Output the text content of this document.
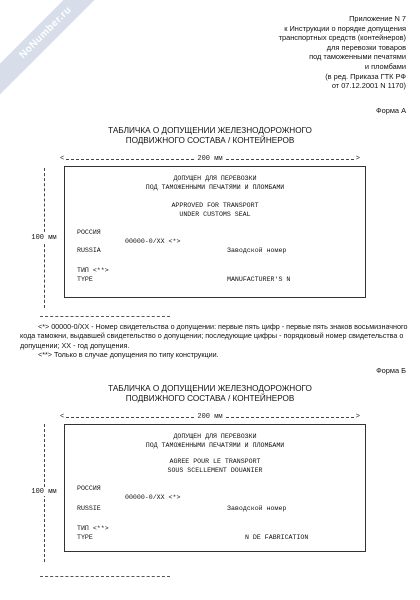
NoNumber.ru	Приложение N 7
к Инструкции о порядке допущения
транспортных средств (контейнеров)
для перевозки товаров
под таможенными печатями
и пломбами
(в ред. Приказа ГТК РФ
от 07.12.2001 N 1170)
Форма А
ТАБЛИЧКА О ДОПУЩЕНИИ ЖЕЛЕЗНОДОРОЖНОГО
ПОДВИЖНОГО СОСТАВА / КОНТЕЙНЕРОВ
<	>
200 мм
100 мм
ДОПУЩЕН ДЛЯ ПЕРЕВОЗКИ
ПОД ТАМОЖЕННЫМИ ПЕЧАТЯМИ И ПЛОМБАМИ
APPROVED FOR TRANSPORT
UNDER CUSTOMS SEAL
РОССИЯ
00000-0/XX <*>
RUSSIA	Заводской номер
ТИП <**>
TYPE	MANUFACTURER'S N

<*> 00000-0/XX - Номер свидетельства о допущении: первые пять цифр - первые пять знаков восьмизначного кода таможни, выдавшей свидетельство о допущении; последующие цифры - порядковый номер свидетельства о допущении; XX - год допущения.

<**> Только в случае допущения по типу конструкции.

Форма Б
ТАБЛИЧКА О ДОПУЩЕНИИ ЖЕЛЕЗНОДОРОЖНОГО
ПОДВИЖНОГО СОСТАВА / КОНТЕЙНЕРОВ
<	>
200 мм
100 мм
ДОПУЩЕН ДЛЯ ПЕРЕВОЗКИ
ПОД ТАМОЖЕННЫМИ ПЕЧАТЯМИ И ПЛОМБАМИ
AGREE POUR LE TRANSPORT
SOUS SCELLEMENT DOUANIER
РОССИЯ
00000-0/XX <*>
RUSSIE	Заводской номер
ТИП <**>
TYPE	N DE FABRICATION
